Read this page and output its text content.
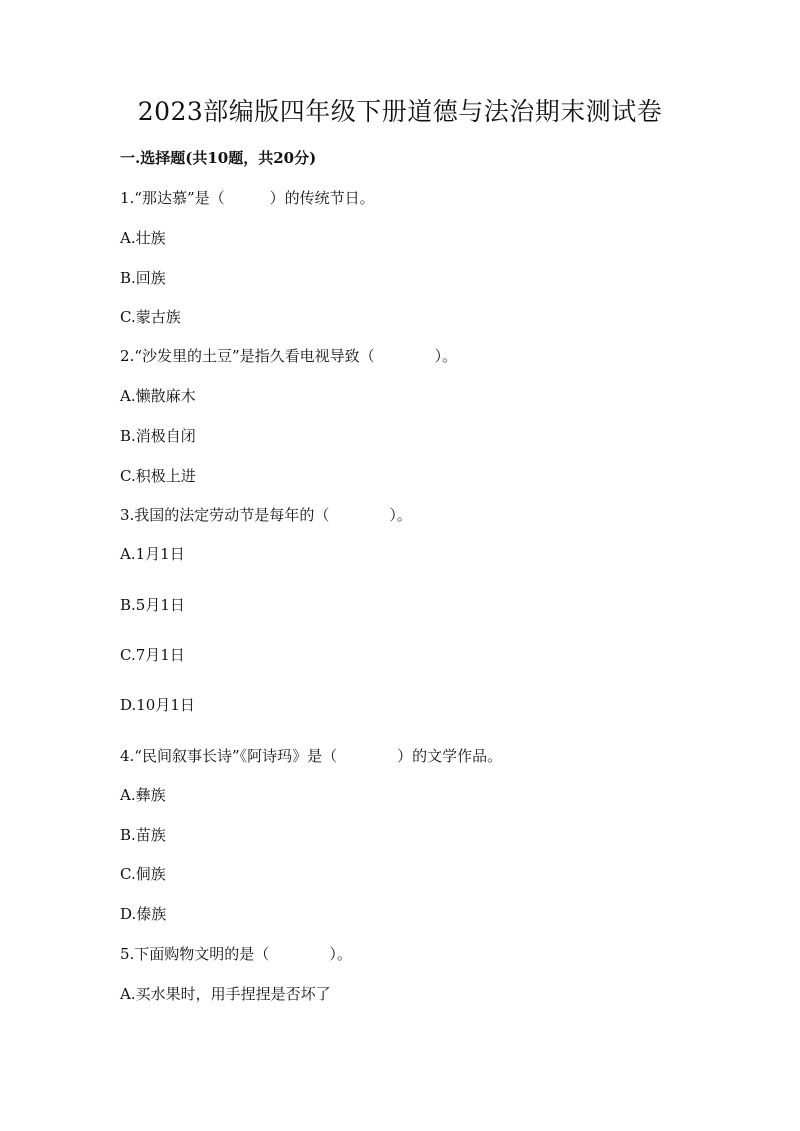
2023部编版四年级下册道德与法治期末测试卷
一.选择题(共10题，共20分)
1.“那达慕”是（　　　）的传统节日。
A.壮族
B.回族
C.蒙古族
2.“沙发里的土豆”是指久看电视导致（　　　　）。
A.懒散麻木
B.消极自闭
C.积极上进
3.我国的法定劳动节是每年的（　　　　）。
A.1月1日
B.5月1日
C.7月1日
D.10月1日
4.“民间叙事长诗”《阿诗玛》是（　　　　）的文学作品。
A.彝族
B.苗族
C.侗族
D.傣族
5.下面购物文明的是（　　　　）。
A.买水果时，用手捏捏是否坏了
